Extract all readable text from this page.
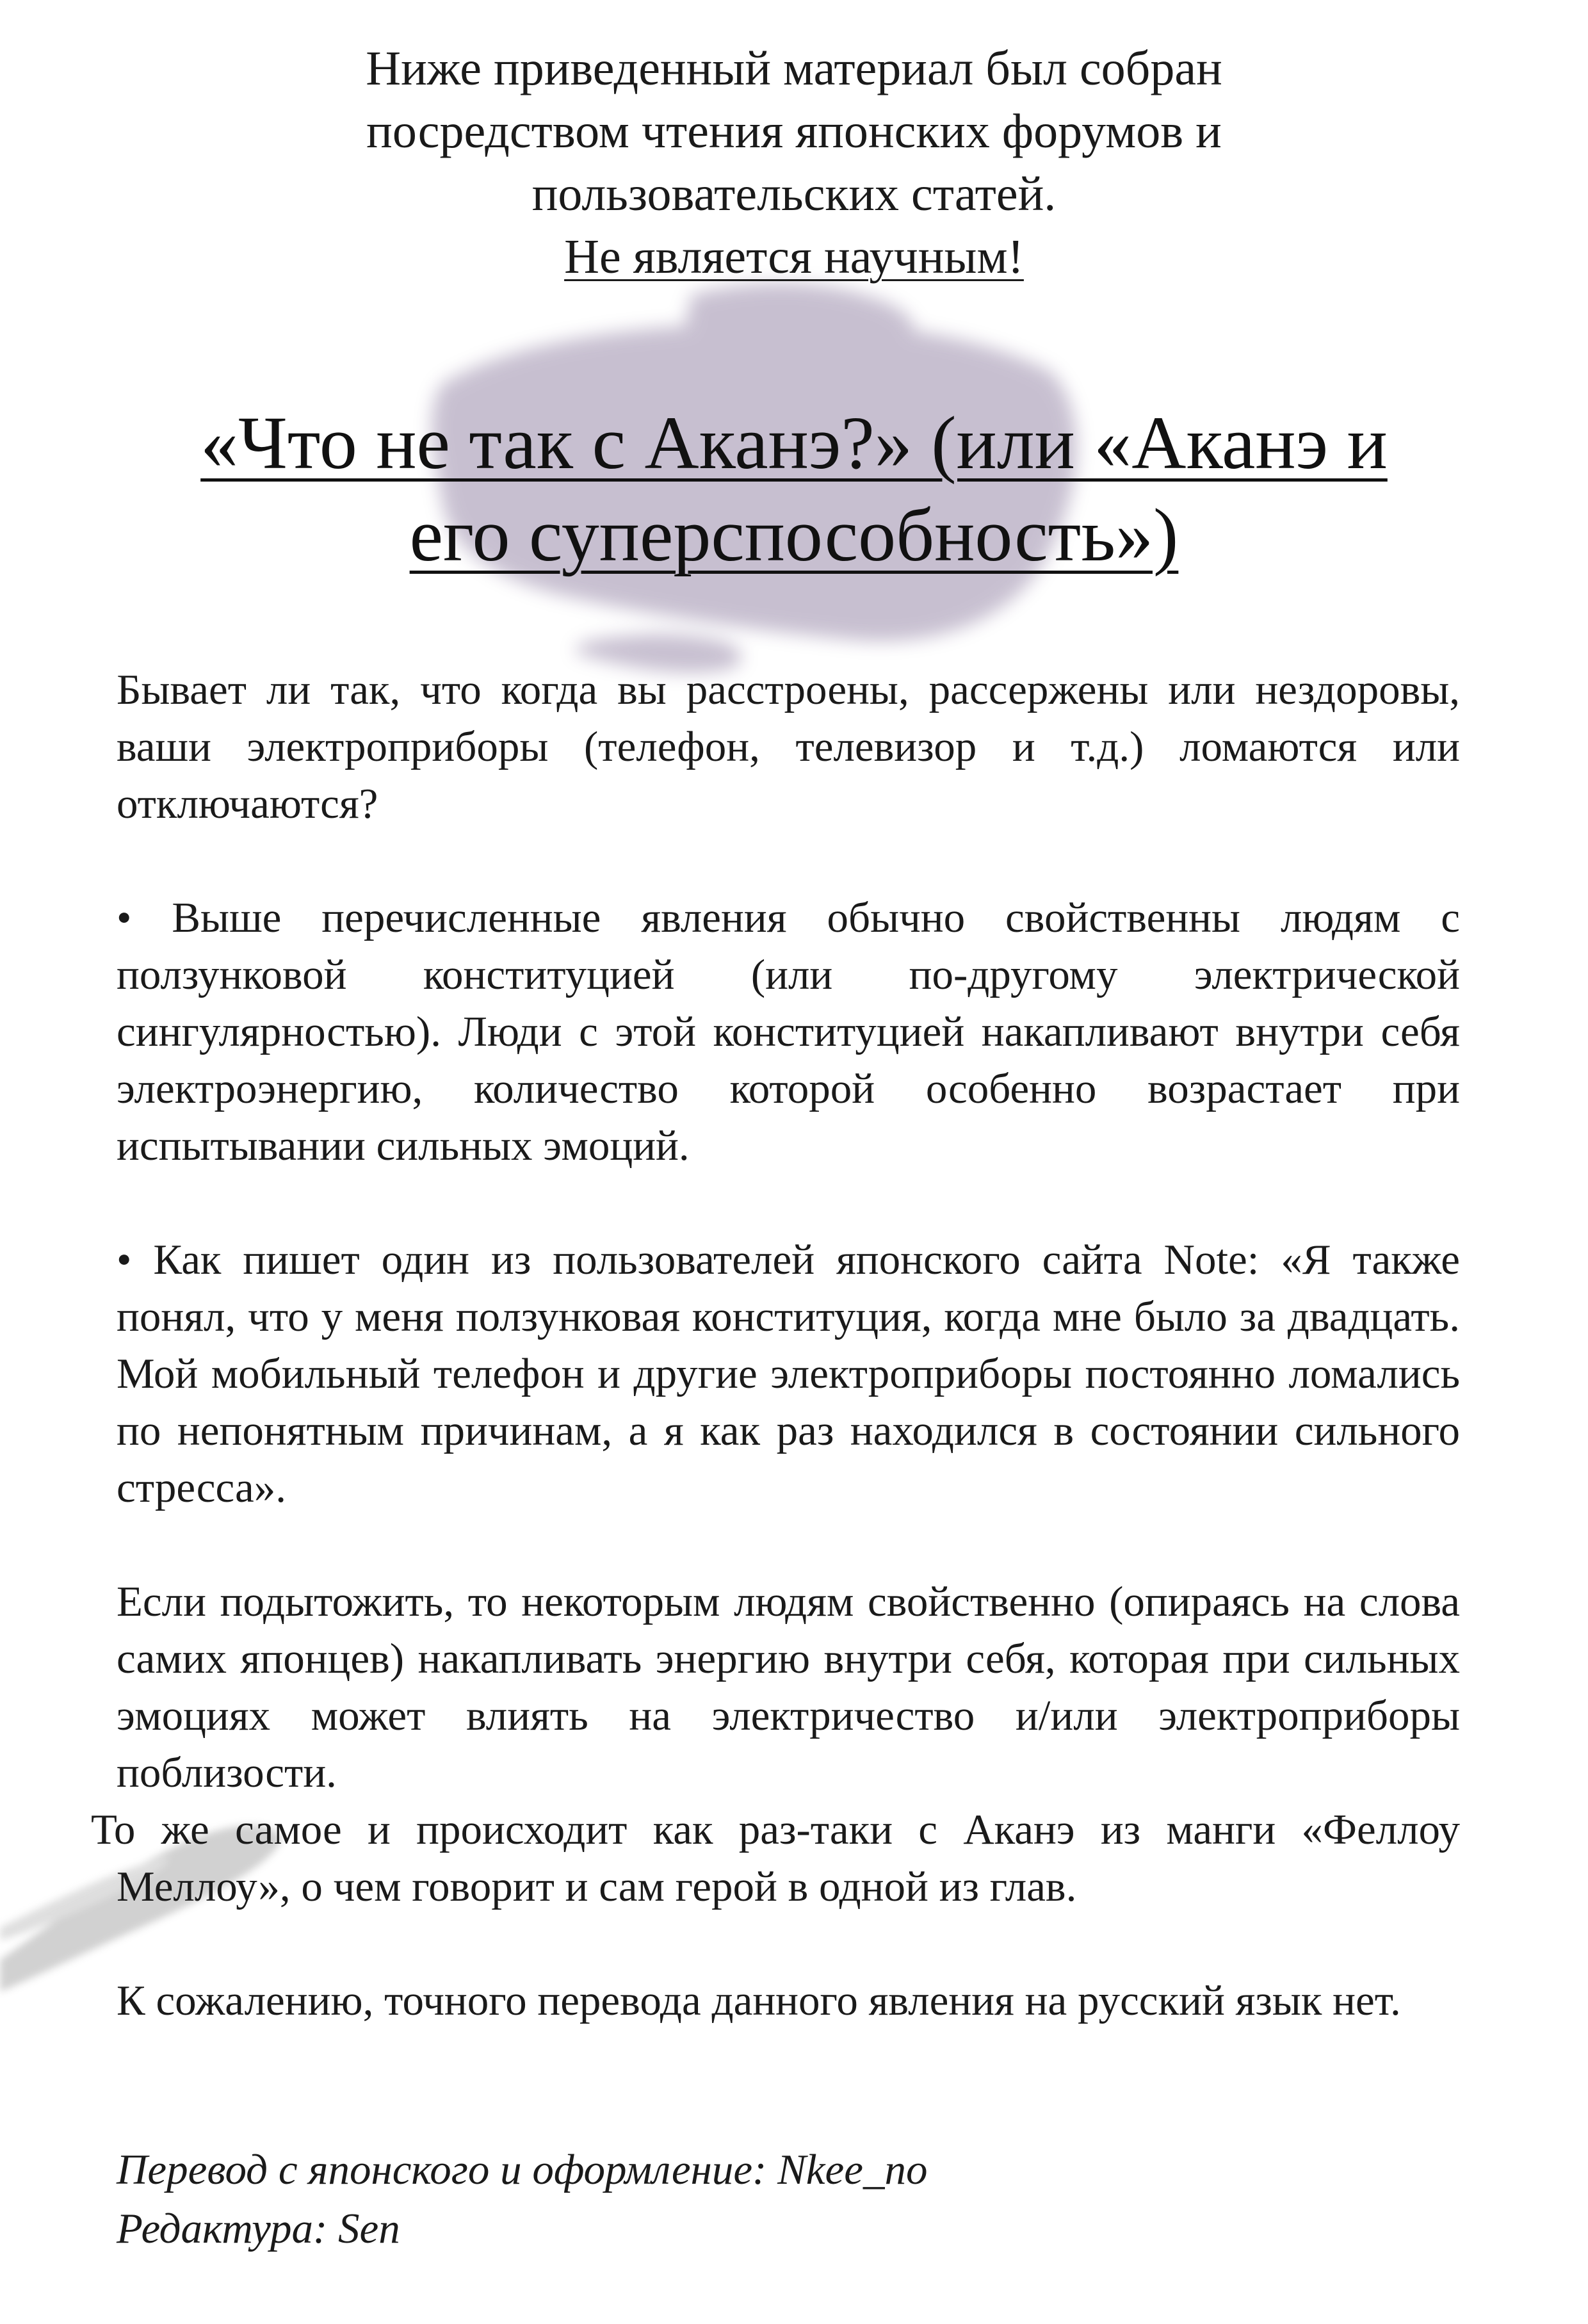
Ниже приведенный материал был собран
посредством чтения японских форумов и
пользовательских статей.
Не является научным!
«Что не так с Аканэ?» (или «Аканэ и
его суперспособность»)

Бывает ли так, что когда вы расстроены, рассержены или нездоровы, ваши электроприборы (телефон, телевизор и т.д.) ломаются или отключаются?

• Выше перечисленные явления обычно свойственны людям с ползунковой конституцией (или по-другому электрической сингулярностью). Люди с этой конституцией накапливают внутри себя электроэнергию, количество которой особенно возрастает при испытывании сильных эмоций.

• Как пишет один из пользователей японского сайта Note: «Я также понял, что у меня ползунковая конституция, когда мне было за двадцать. Мой мобильный телефон и другие электроприборы постоянно ломались по непонятным причинам, а я как раз находился в состоянии сильного стресса».

Если подытожить, то некоторым людям свойственно (опираясь на слова самих японцев) накапливать энергию внутри себя, которая при сильных эмоциях может влиять на электричество и/или электроприборы поблизости.

То же самое и происходит как раз-таки с Аканэ из манги «Феллоу Меллоу», о чем говорит и сам герой в одной из глав.

К сожалению, точного перевода данного явления на русский язык нет.

Перевод с японского и оформление: Nkee_no
Редактура: Sen
